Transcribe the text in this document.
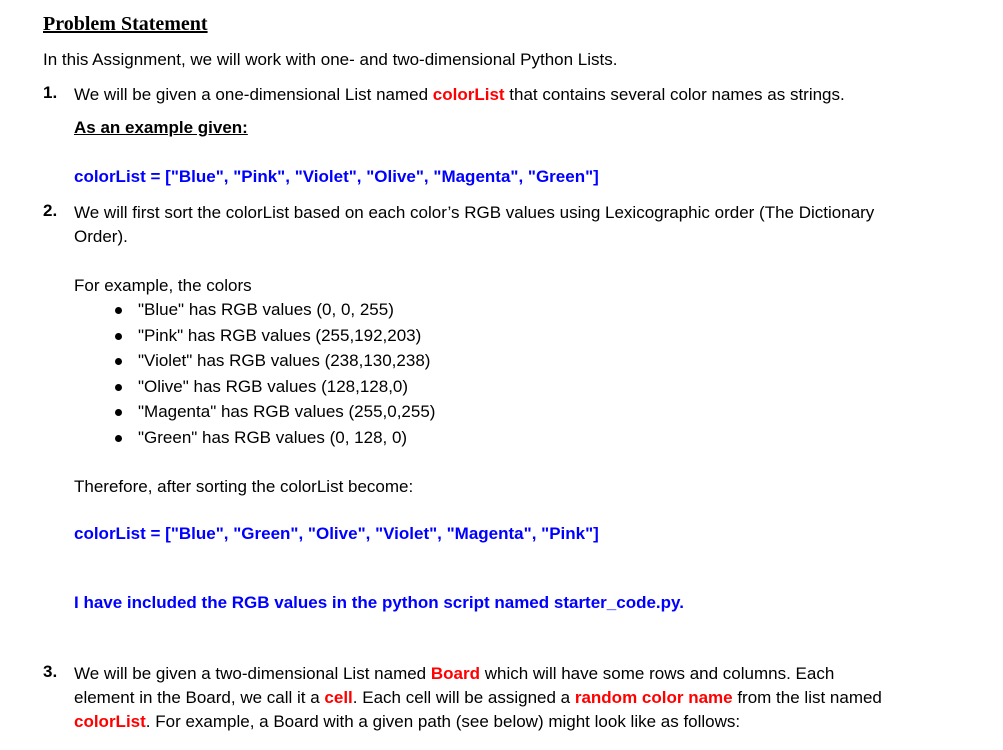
Problem Statement
In this Assignment, we will work with one- and two-dimensional Python Lists.
1. We will be given a one-dimensional List named colorList that contains several color names as strings.
As an example given:
colorList = ["Blue", "Pink", "Violet", "Olive", "Magenta", "Green"]
2. We will first sort the colorList based on each color’s RGB values using Lexicographic order (The Dictionary
Order).
For example, the colors
"Blue" has RGB values (0, 0, 255)
"Pink" has RGB values (255,192,203)
"Violet" has RGB values (238,130,238)
"Olive" has RGB values (128,128,0)
"Magenta" has RGB values (255,0,255)
"Green" has RGB values (0, 128, 0)
Therefore, after sorting the colorList become:
colorList = ["Blue", "Green", "Olive", "Violet", "Magenta", "Pink"]
I have included the RGB values in the python script named starter_code.py.
3. We will be given a two-dimensional List named Board which will have some rows and columns. Each
element in the Board, we call it a cell. Each cell will be assigned a random color name from the list named
colorList. For example, a Board with a given path (see below) might look like as follows:
